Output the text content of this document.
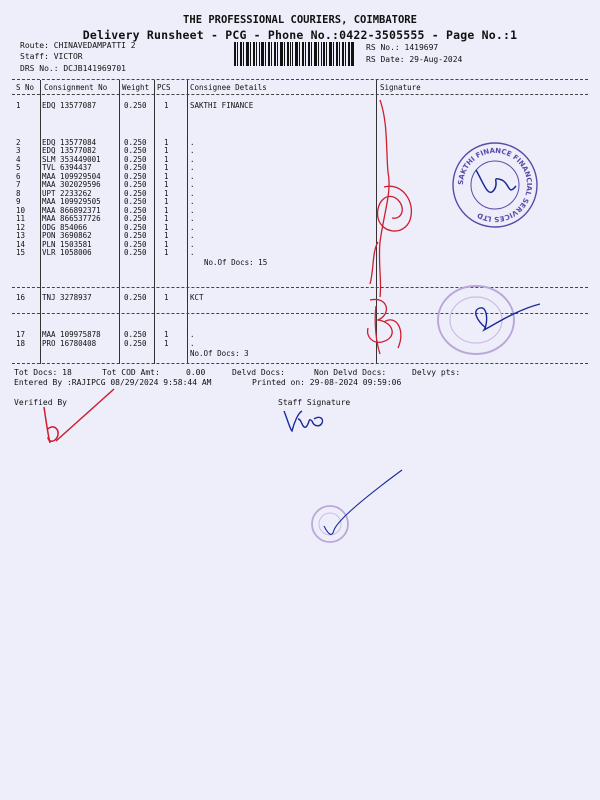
THE PROFESSIONAL COURIERS, COIMBATORE
Delivery Runsheet - PCG - Phone No.:0422-3505555 - Page No.:1
Route: CHINAVEDAMPATTI 2
Staff: VICTOR
DRS No.: DCJB141969701
RS No.: 1419697
RS Date: 29-Aug-2024
S No Consignment No Weight PCS	Consignee Details	Signature
1	EDQ 13577087	0.250 1	SAKTHI FINANCE
2	EDQ 13577084	0.250 1	.
3	EDQ 13577082	0.250 1	.
4	SLM 353449001	0.250 1	.
5	TVL 6394437	0.250 1	.
6	MAA 109929504	0.250 1	.
7	MAA 302029596	0.250 1	.
8	UPT 2233262	0.250 1	.
9	MAA 109929505	0.250 1	.
10 MAA 866892371	0.250 1	.
11 MAA 866537726	0.250 1	.
12 ODG 854066	0.250 1	.
13 PON 3690862	0.250 1	.
14 PLN 1503581	0.250 1	.
15 VLR 1058006	0.250 1	.
No.Of Docs: 15
16 TNJ 3278937	0.250 1	KCT
17 MAA 109975878	0.250 1	.
18 PRO 16780408	0.250 1	.
No.Of Docs: 3
Tot Docs: 18	Tot COD Amt:	0.00	Delvd Docs:	Non Delvd Docs:	Delvy pts:
Entered By :RAJIPCG 08/29/2024 9:58:44 AM	Printed on: 29-08-2024 09:59:06
Verified By	Staff Signature
SAKTHI FINANCE FINANCIAL SERVICES LTD
